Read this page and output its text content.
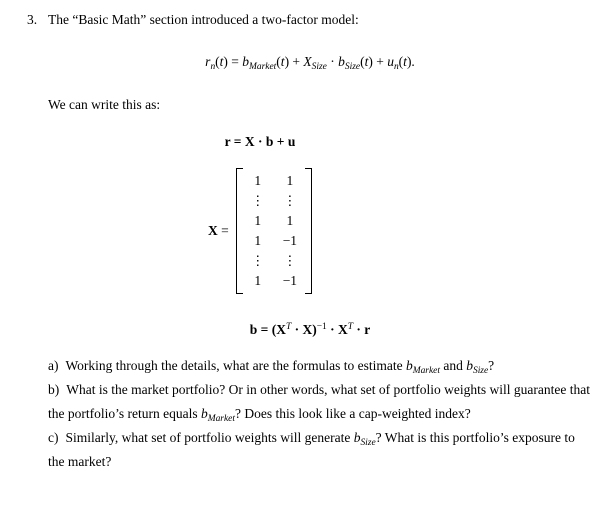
3. The “Basic Math” section introduced a two-factor model:
$r_n(t) = b_{Market}(t) + X_{Size} \cdot b_{Size}(t) + u_n(t)$.
We can write this as:
r = X · b + u
X =
1 1
⋮ ⋮
1 1
1 −1
⋮ ⋮
1 −1
$b = (X^T \cdot X)^{-1} \cdot X^T \cdot r$

a) Working through the details, what are the formulas to estimate $b_{Market}$ and $b_{Size}$?

b) What is the market portfolio? Or in other words, what set of portfolio weights will guarantee that the portfolio’s return equals $b_{Market}$? Does this look like a cap-weighted index?

c) Similarly, what set of portfolio weights will generate $b_{Size}$? What is this portfolio’s exposure to the market?
